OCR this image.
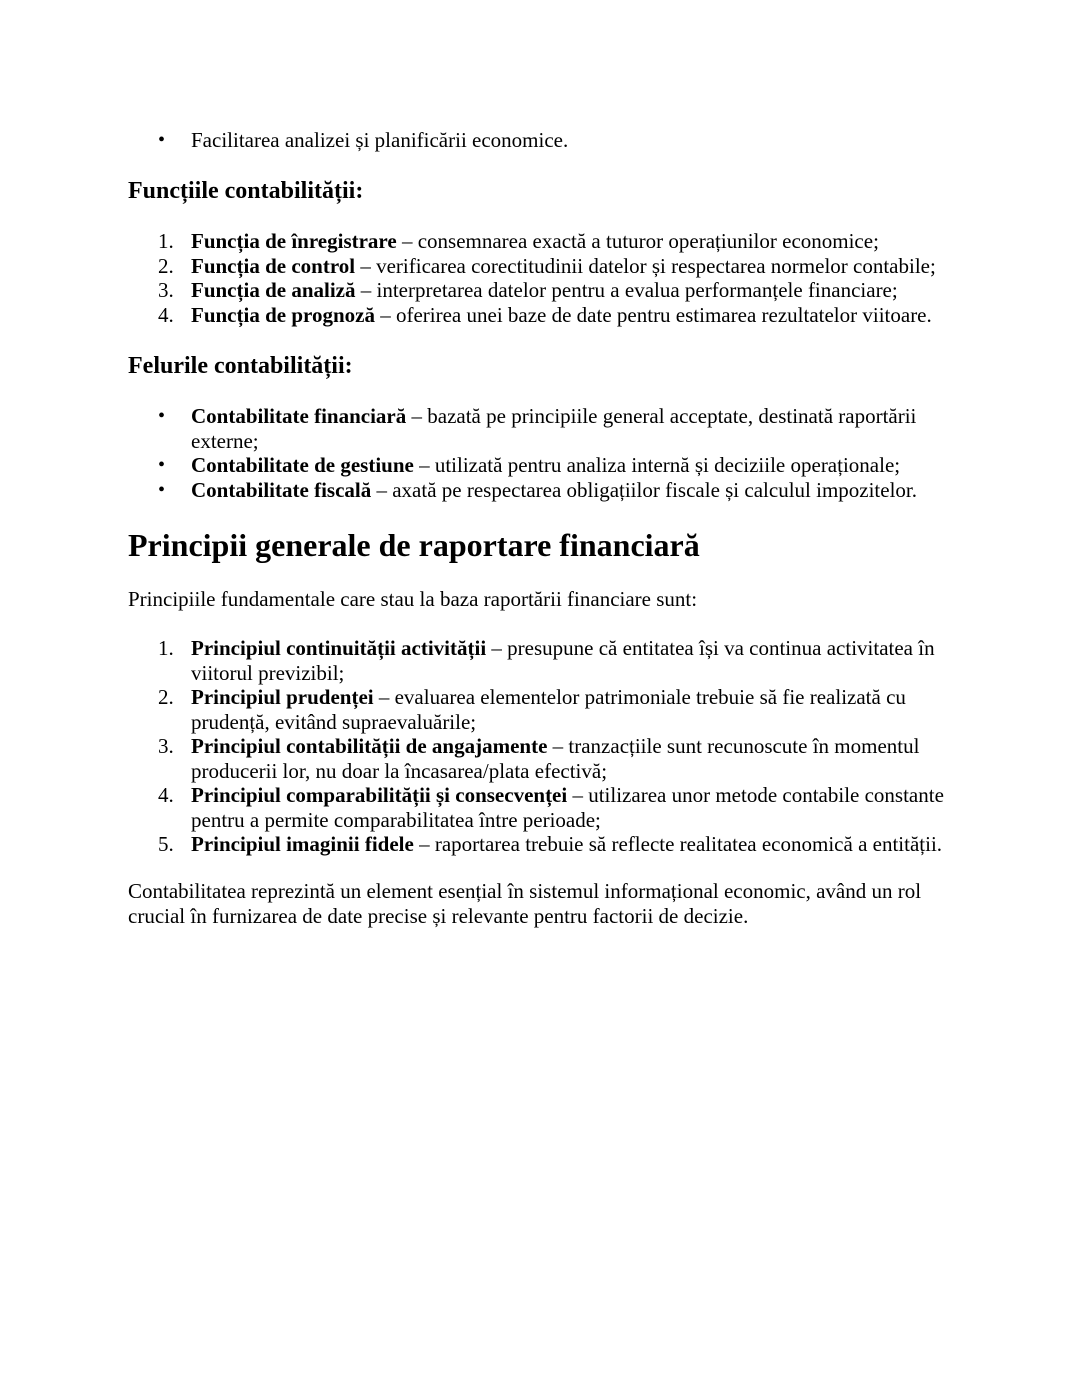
• Facilitarea analizei și planificării economice.
Funcțiile contabilității:
1. Funcția de înregistrare – consemnarea exactă a tuturor operațiunilor economice;
2. Funcția de control – verificarea corectitudinii datelor și respectarea normelor contabile;
3. Funcția de analiză – interpretarea datelor pentru a evalua performanțele financiare;
4. Funcția de prognoză – oferirea unei baze de date pentru estimarea rezultatelor viitoare.
Felurile contabilității:
• Contabilitate financiară – bazată pe principiile general acceptate, destinată raportării externe;
• Contabilitate de gestiune – utilizată pentru analiza internă și deciziile operaționale;
• Contabilitate fiscală – axată pe respectarea obligațiilor fiscale și calculul impozitelor.
Principii generale de raportare financiară

Principiile fundamentale care stau la baza raportării financiare sunt:

1. Principiul continuității activității – presupune că entitatea își va continua activitatea în viitorul previzibil;
2. Principiul prudenței – evaluarea elementelor patrimoniale trebuie să fie realizată cu prudență, evitând supraevaluările;
3. Principiul contabilității de angajamente – tranzacțiile sunt recunoscute în momentul producerii lor, nu doar la încasarea/plata efectivă;
4. Principiul comparabilității și consecvenței – utilizarea unor metode contabile constante pentru a permite comparabilitatea între perioade;
5. Principiul imaginii fidele – raportarea trebuie să reflecte realitatea economică a entității.

Contabilitatea reprezintă un element esențial în sistemul informațional economic, având un rol crucial în furnizarea de date precise și relevante pentru factorii de decizie.
